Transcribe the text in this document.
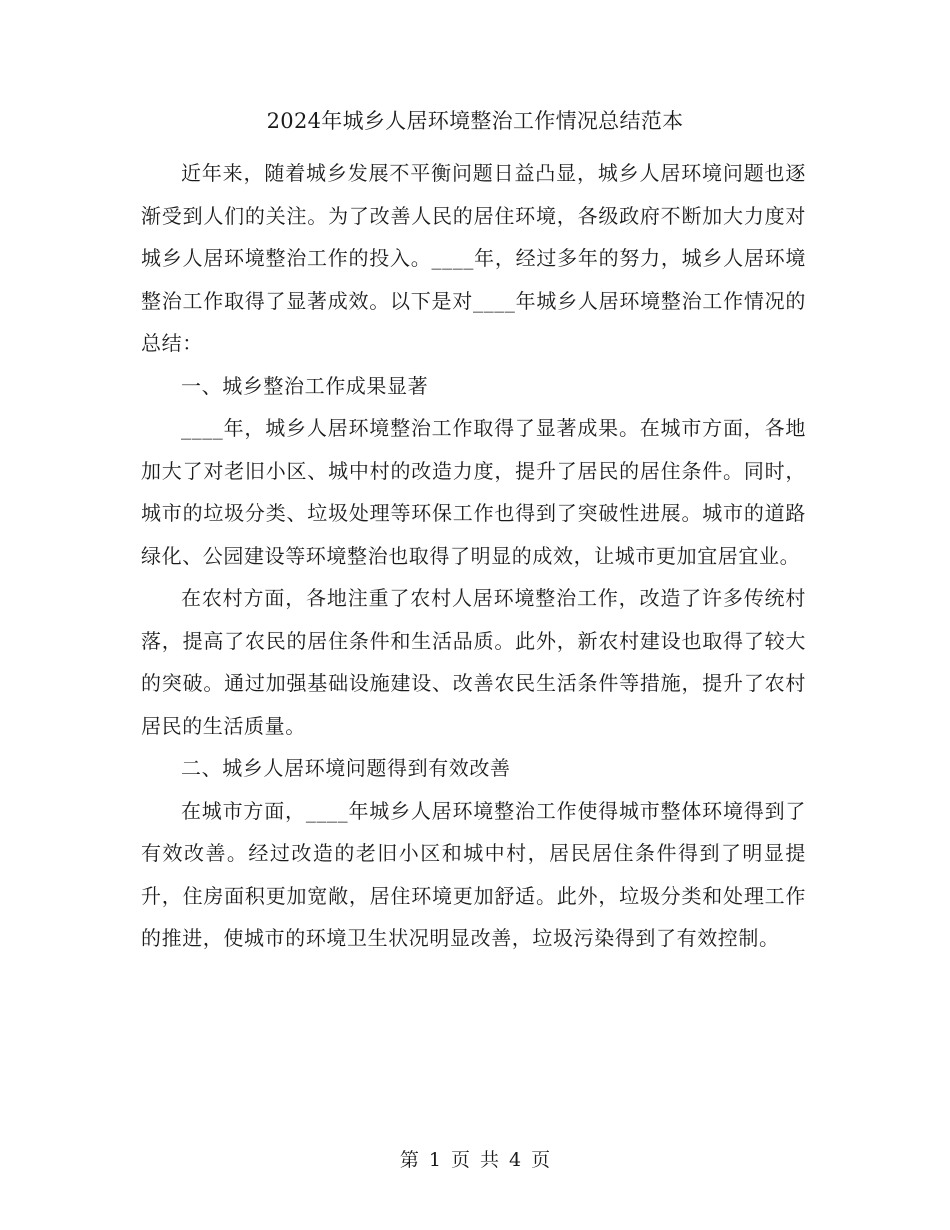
2024年城乡人居环境整治工作情况总结范本

近年来，随着城乡发展不平衡问题日益凸显，城乡人居环境问题也逐渐受到人们的关注。为了改善人民的居住环境，各级政府不断加大力度对城乡人居环境整治工作的投入。____年，经过多年的努力，城乡人居环境整治工作取得了显著成效。以下是对____年城乡人居环境整治工作情况的总结：

一、城乡整治工作成果显著

____年，城乡人居环境整治工作取得了显著成果。在城市方面，各地加大了对老旧小区、城中村的改造力度，提升了居民的居住条件。同时，城市的垃圾分类、垃圾处理等环保工作也得到了突破性进展。城市的道路绿化、公园建设等环境整治也取得了明显的成效，让城市更加宜居宜业。

在农村方面，各地注重了农村人居环境整治工作，改造了许多传统村落，提高了农民的居住条件和生活品质。此外，新农村建设也取得了较大的突破。通过加强基础设施建设、改善农民生活条件等措施，提升了农村居民的生活质量。

二、城乡人居环境问题得到有效改善

在城市方面，____年城乡人居环境整治工作使得城市整体环境得到了有效改善。经过改造的老旧小区和城中村，居民居住条件得到了明显提升，住房面积更加宽敞，居住环境更加舒适。此外，垃圾分类和处理工作的推进，使城市的环境卫生状况明显改善，垃圾污染得到了有效控制。

第 1 页 共 4 页
